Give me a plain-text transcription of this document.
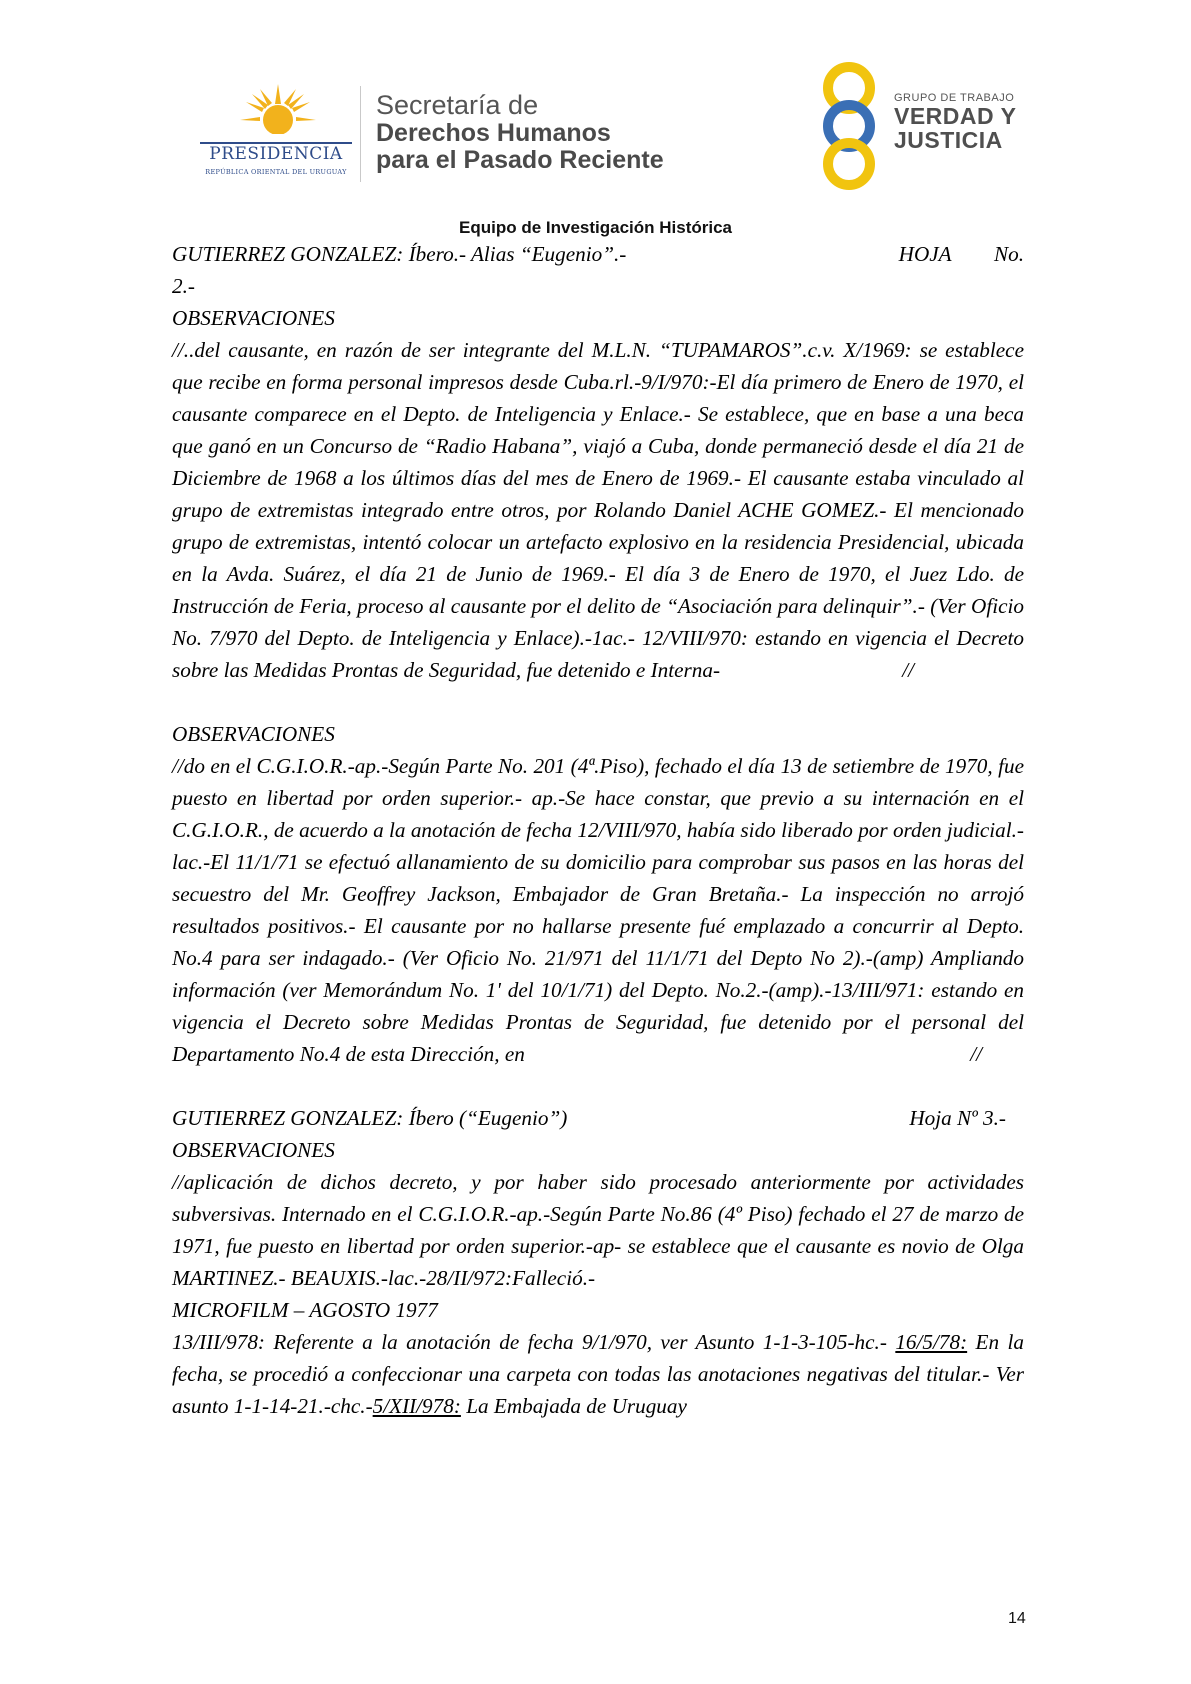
PRESIDENCIA
REPÚBLICA ORIENTAL DEL URUGUAY
Secretaría de
Derechos Humanos
para el Pasado Reciente
GRUPO DE TRABAJO
VERDAD Y
JUSTICIA
Equipo de Investigación Histórica
GUTIERREZ GONZALEZ: Íbero.- Alias “Eugenio”.-	HOJA No.

2.-

OBSERVACIONES

//..del causante, en razón de ser integrante del M.L.N. “TUPAMAROS”.c.v. X/1969: se establece que recibe en forma personal impresos desde Cuba.rl.-9/I/970:-El día primero de Enero de 1970, el causante comparece en el Depto. de Inteligencia y Enlace.- Se establece, que en base a una beca que ganó en un Concurso de “Radio Habana”, viajó a Cuba, donde permaneció desde el día 21 de Diciembre de 1968 a los últimos días del mes de Enero de 1969.- El causante estaba vinculado al grupo de extremistas integrado entre otros, por Rolando Daniel ACHE GOMEZ.- El mencionado grupo de extremistas, intentó colocar un artefacto explosivo en la residencia Presidencial, ubicada en la Avda. Suárez, el día 21 de Junio de 1969.- El día 3 de Enero de 1970, el Juez Ldo. de Instrucción de Feria, proceso al causante por el delito de “Asociación para delinquir”.- (Ver Oficio No. 7/970 del Depto. de Inteligencia y Enlace).-1ac.- 12/VIII/970: estando en vigencia el Decreto sobre las Medidas Prontas de Seguridad, fue detenido e Interna-	//

OBSERVACIONES

//do en el C.G.I.O.R.-ap.-Según Parte No. 201 (4ª.Piso), fechado el día 13 de setiembre de 1970, fue puesto en libertad por orden superior.- ap.-Se hace constar, que previo a su internación en el C.G.I.O.R., de acuerdo a la anotación de fecha 12/VIII/970, había sido liberado por orden judicial.-lac.-El 11/1/71 se efectuó allanamiento de su domicilio para comprobar sus pasos en las horas del secuestro del Mr. Geoffrey Jackson, Embajador de Gran Bretaña.- La inspección no arrojó resultados positivos.- El causante por no hallarse presente fué emplazado a concurrir al Depto. No.4 para ser indagado.- (Ver Oficio No. 21/971 del 11/1/71 del Depto No 2).-(amp) Ampliando información (ver Memorándum No. 1' del 10/1/71) del Depto. No.2.-(amp).-13/III/971: estando en vigencia el Decreto sobre Medidas Prontas de Seguridad, fue detenido por el personal del Departamento No.4 de esta Dirección, en	//

GUTIERREZ GONZALEZ: Íbero (“Eugenio”)	Hoja Nº 3.-

OBSERVACIONES

//aplicación de dichos decreto, y por haber sido procesado anteriormente por actividades subversivas. Internado en el C.G.I.O.R.-ap.-Según Parte No.86 (4º Piso) fechado el 27 de marzo de 1971, fue puesto en libertad por orden superior.-ap- se establece que el causante es novio de Olga MARTINEZ.- BEAUXIS.-lac.-28/II/972:Falleció.-

MICROFILM – AGOSTO 1977

13/III/978: Referente a la anotación de fecha 9/1/970, ver Asunto 1-1-3-105-hc.- 16/5/78: En la fecha, se procedió a confeccionar una carpeta con todas las anotaciones negativas del titular.- Ver asunto 1-1-14-21.-chc.-5/XII/978: La Embajada de Uruguay

14
